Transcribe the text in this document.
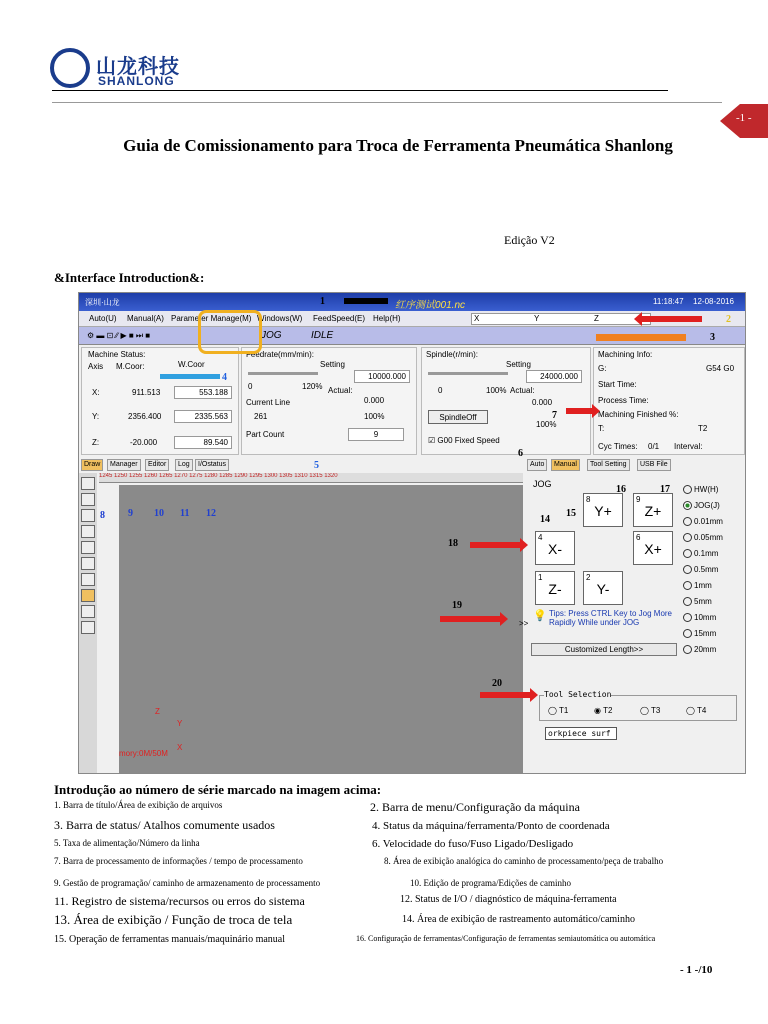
山龙科技
SHANLONG
-1 -
Guia de Comissionamento para Troca de Ferramenta Pneumática Shanlong
Edição V2
&Interface Introduction&:
深圳·山龙	红序测试001.nc	11:18:47 12-08-2016
Auto(U) Manual(A) Parameter Manage(M) Windows(W) FeedSpeed(E) Help(H)	X	Y	Z
⚙ ▬ ⊡ ∕∕ ▶ ■ ⏭ ■	JOG	IDLE
Machine Status:
Axis M.Coor:	W.Coor
X:	911.513	553.188
Y:	2356.400	2335.563
Z:	-20.000	89.540
Feedrate(mm/min):
Setting
10000.000
0	120% Actual:
0.000
Current Line
261	100%
Part Count	9
Spindle(r/min):
Setting
24000.000
0	100% Actual:
0.000
100%
SpindleOff
☑ G00 Fixed Speed
Machining Info:
G:	G54 G0
Start Time:
Process Time:
Machining Finished %:
T:	T2
Cyc Times: 0/1 Interval:
Draw	Manager	Editor	Log	I/Ostatus
1245 1250 1255 1260 1265 1270 1275 1280 1285 1290 1295 1300 1305 1310 1315 1320
Z
Y
X
mory:0M/50M
Auto	Manual	Tool Setting	USB File
JOG
8
Y+
9
Z+
4
X-
6
X+
1
Z-
2
Y-
HW(H)
JOG(J)
0.01mm
0.05mm
0.1mm
0.5mm
1mm
5mm
10mm
15mm
20mm
>>
💡 Tips: Press CTRL Key to Jog More Rapidly While under JOG
Customized Length>>
Tool Selection
◯ T1	◉ T2	◯ T3	◯ T4
orkpiece surf
1
2
3
4
5
6
7
8 9 10 11 12
14
15
16	17
18
19
20
Introdução ao número de série marcado na imagem acima:
1. Barra de título/Área de exibição de arquivos	2. Barra de menu/Configuração da máquina
3. Barra de status/ Atalhos comumente usados	4. Status da máquina/ferramenta/Ponto de coordenada
5. Taxa de alimentação/Número da linha	6. Velocidade do fuso/Fuso Ligado/Desligado
7. Barra de processamento de informações / tempo de processamento	8. Área de exibição analógica do caminho de processamento/peça de trabalho
9. Gestão de programação/ caminho de armazenamento de processamento	10. Edição de programa/Edições de caminho
11. Registro de sistema/recursos ou erros do sistema	12. Status de I/O / diagnóstico de máquina-ferramenta
13. Área de exibição / Função de troca de tela	14. Área de exibição de rastreamento automático/caminho
15. Operação de ferramentas manuais/maquinário manual	16. Configuração de ferramentas/Configuração de ferramentas semiautomática ou automática
- 1 -/10
